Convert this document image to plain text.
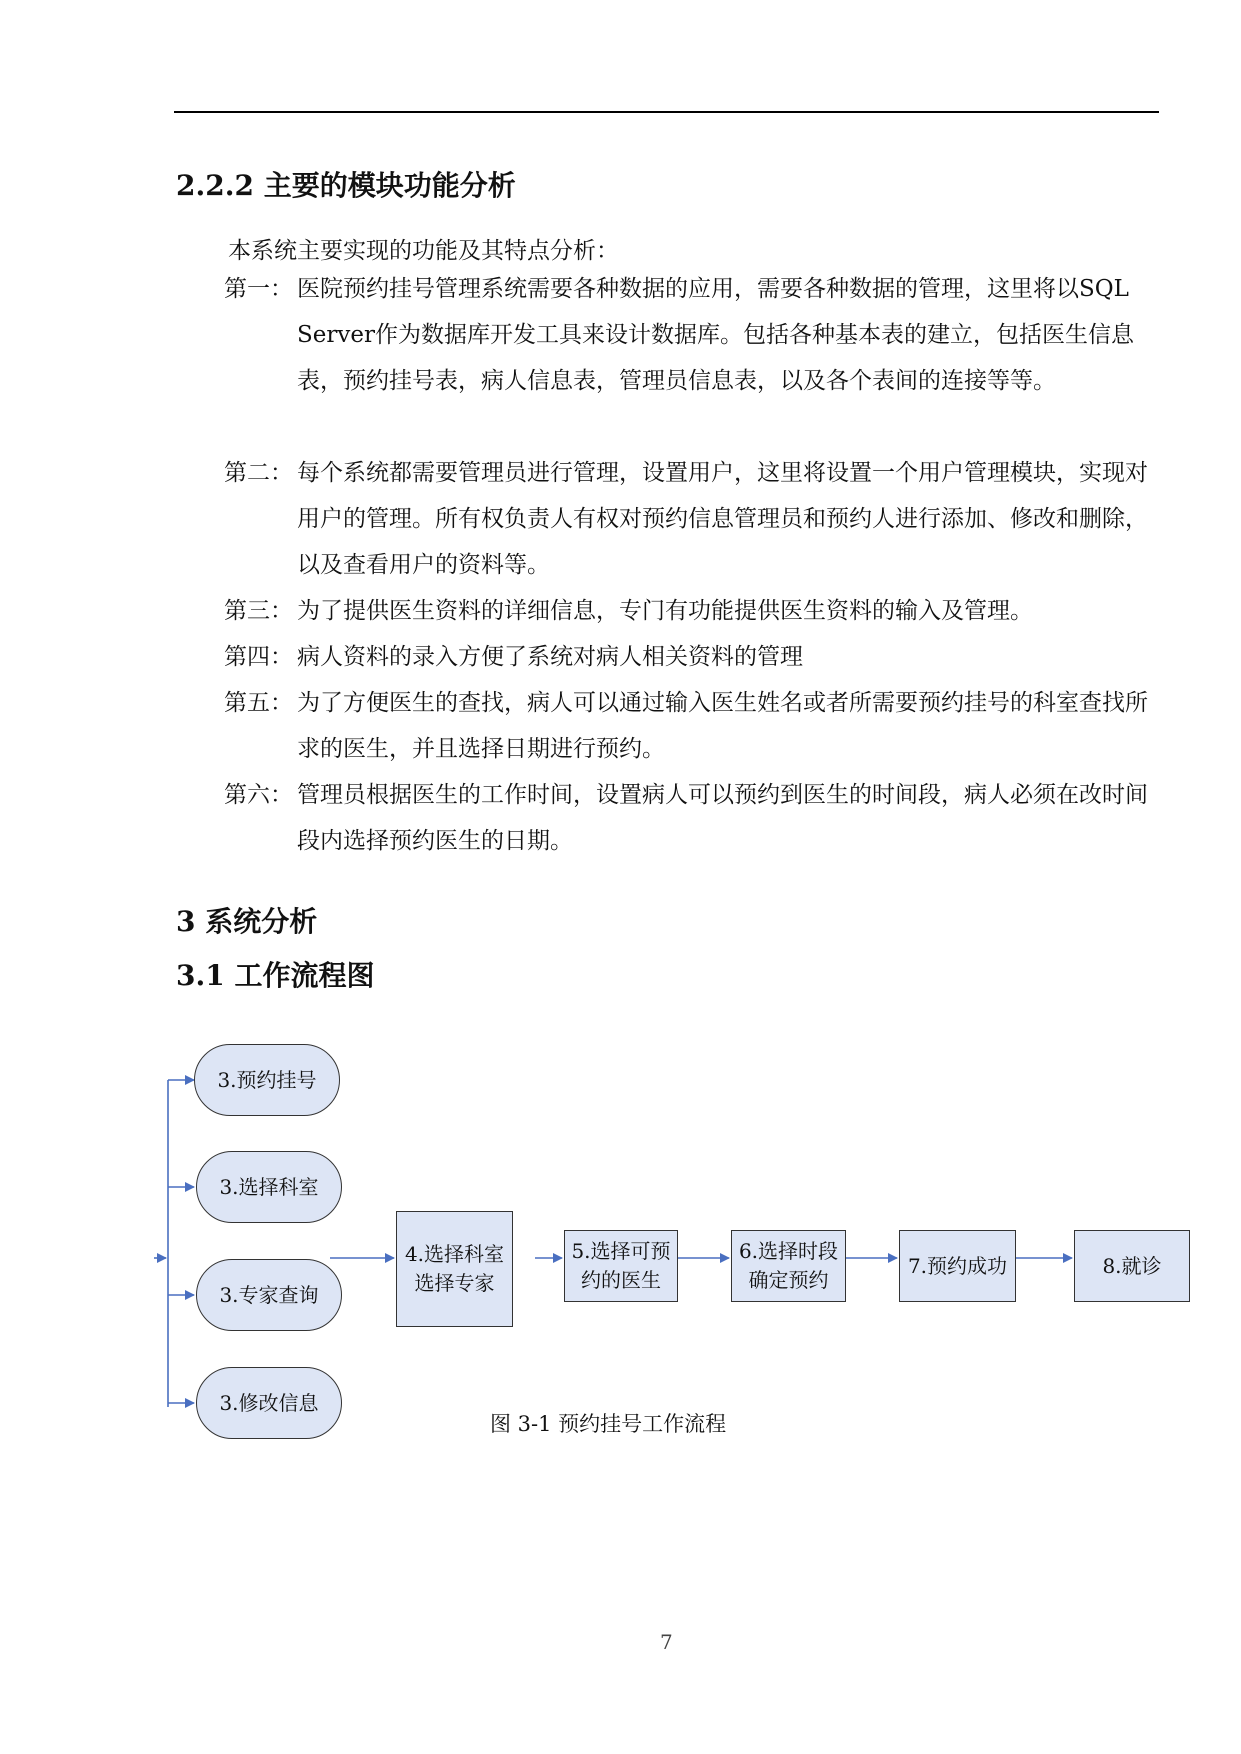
2.2.2 主要的模块功能分析
本系统主要实现的功能及其特点分析：
第一： 医院预约挂号管理系统需要各种数据的应用，需要各种数据的管理，这里将以SQL Server作为数据库开发工具来设计数据库。包括各种基本表的建立，包括医生信息表，预约挂号表，病人信息表，管理员信息表，以及各个表间的连接等等。
第二： 每个系统都需要管理员进行管理，设置用户，这里将设置一个用户管理模块，实现对用户的管理。所有权负责人有权对预约信息管理员和预约人进行添加、修改和删除，以及查看用户的资料等。
第三： 为了提供医生资料的详细信息，专门有功能提供医生资料的输入及管理。
第四： 病人资料的录入方便了系统对病人相关资料的管理
第五： 为了方便医生的查找，病人可以通过输入医生姓名或者所需要预约挂号的科室查找所求的医生，并且选择日期进行预约。
第六： 管理员根据医生的工作时间，设置病人可以预约到医生的时间段，病人必须在改时间段内选择预约医生的日期。
3 系统分析
3.1 工作流程图
3.预约挂号
3.选择科室
3.专家查询
3.修改信息
4.选择科室
选择专家
5.选择可预
约的医生
6.选择时段
确定预约
7.预约成功	8.就诊
图 3-1 预约挂号工作流程
7
